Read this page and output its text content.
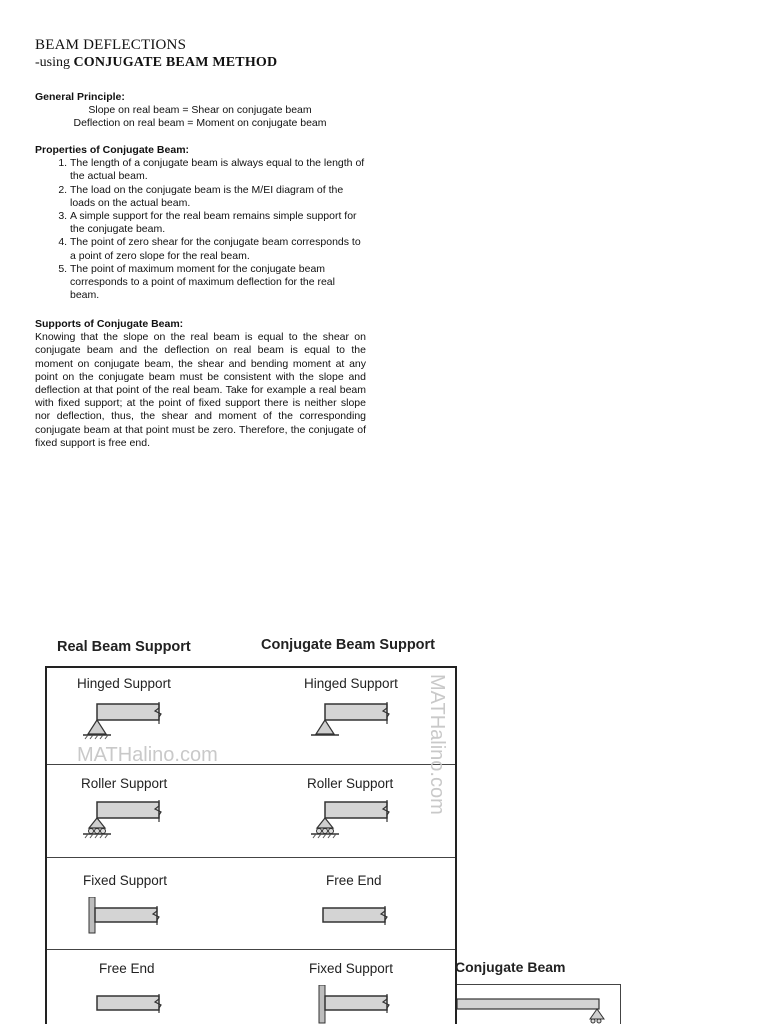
BEAM DEFLECTIONS
-using CONJUGATE BEAM METHOD
General Principle:
Slope on real beam = Shear on conjugate beam
Deflection on real beam = Moment on conjugate beam
Properties of Conjugate Beam:
1. The length of a conjugate beam is always equal to the length of the actual beam.
2. The load on the conjugate beam is the M/EI diagram of the loads on the actual beam.
3. A simple support for the real beam remains simple support for the conjugate beam.
4. The point of zero shear for the conjugate beam corresponds to a point of zero slope for the real beam.
5. The point of maximum moment for the conjugate beam corresponds to a point of maximum deflection for the real beam.
Supports of Conjugate Beam:
Knowing that the slope on the real beam is equal to the shear on conjugate beam and the deflection on real beam is equal to the moment on conjugate beam, the shear and bending moment at any point on the conjugate beam must be consistent with the slope and deflection at that point of the real beam. Take for example a real beam with fixed support; at the point of fixed support there is neither slope nor deflection, thus, the shear and moment of the corresponding conjugate beam at that point must be zero. Therefore, the conjugate of fixed support is free end.
Real Beam Support	Conjugate Beam Support
Hinged Support	Hinged Support
Roller Support	Roller Support
Fixed Support	Free End
Free End	Fixed Support
MATHalino.com	MATHalino.com
Conjugate Beam
